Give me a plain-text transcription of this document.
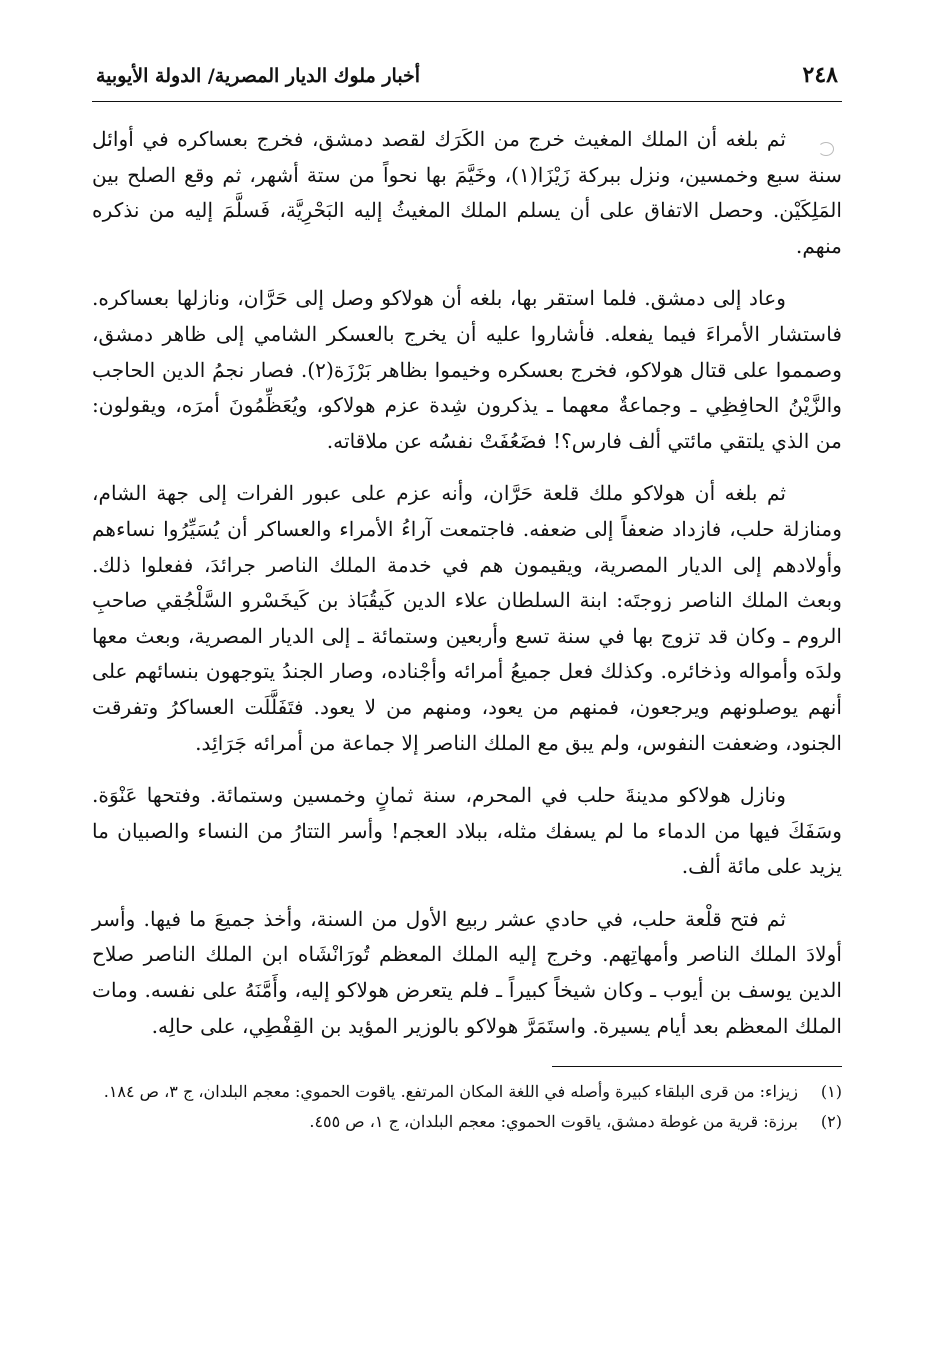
٢٤٨
أخبار ملوك الديار المصرية/ الدولة الأيوبية

ثم بلغه أن الملك المغيث خرج من الكَرَك لقصد دمشق، فخرج بعساكره في أوائل سنة سبع وخمسين، ونزل ببركة زَيْزَا(١)، وخَيَّمَ بها نحواً من ستة أشهر، ثم وقع الصلح بين المَلِكَيْن. وحصل الاتفاق على أن يسلم الملك المغيثُ إليه البَحْرِيَّة، فَسلَّمَ إليه من نذكره منهم.

وعاد إلى دمشق. فلما استقر بها، بلغه أن هولاكو وصل إلى حَرَّان، ونازلها بعساكره. فاستشار الأمراءَ فيما يفعله. فأشاروا عليه أن يخرج بالعسكر الشامي إلى ظاهر دمشق، وصمموا على قتال هولاكو، فخرج بعسكره وخيموا بظاهر بَرْزَة(٢). فصار نجمُ الدين الحاجب والزَّيْنُ الحافِظِي ـ وجماعةٌ معهما ـ يذكرون شِدة عزم هولاكو، ويُعَظِّمُونَ أمرَه، ويقولون: من الذي يلتقي مائتي ألف فارس؟! فضَعُفَتْ نفسُه عن ملاقاته.

ثم بلغه أن هولاكو ملك قلعة حَرَّان، وأنه عزم على عبور الفرات إلى جهة الشام، ومنازلة حلب، فازداد ضعفاً إلى ضعفه. فاجتمعت آراءُ الأمراء والعساكر أن يُسَيِّرُوا نساءهم وأولادهم إلى الديار المصرية، ويقيمون هم في خدمة الملك الناصر جرائدَ، ففعلوا ذلك. وبعث الملك الناصر زوجتَه: ابنة السلطان علاء الدين كَيقُبَاذ بن كَيخَسْرو السَّلْجُقي صاحبِ الروم ـ وكان قد تزوج بها في سنة تسع وأربعين وستمائة ـ إلى الديار المصرية، وبعث معها ولدَه وأمواله وذخائره. وكذلك فعل جميعُ أمرائه وأجْناده، وصار الجندُ يتوجهون بنسائهم على أنهم يوصلونهم ويرجعون، فمنهم من يعود، ومنهم من لا يعود. فتَفَلَّلَت العساكرُ وتفرقت الجنود، وضعفت النفوس، ولم يبق مع الملك الناصر إلا جماعة من أمرائه جَرَائِد.

ونازل هولاكو مدينةَ حلب في المحرم، سنة ثمانٍ وخمسين وستمائة. وفتحها عَنْوَة. وسَفَكَ فيها من الدماء ما لم يسفك مثله، ببلاد العجم! وأسر التتارُ من النساء والصبيان ما يزيد على مائة ألف.

ثم فتح قلْعة حلب، في حادي عشر ربيع الأول من السنة، وأخذ جميعَ ما فيها. وأسر أولادَ الملك الناصر وأمهاتِهم. وخرج إليه الملك المعظم تُورَانْشَاه ابن الملك الناصر صلاح الدين يوسف بن أيوب ـ وكان شيخاً كبيراً ـ فلم يتعرض هولاكو إليه، وأَمَّنَهُ على نفسه. ومات الملك المعظم بعد أيام يسيرة. واستَمَرَّ هولاكو بالوزير المؤيد بن القِفْطِي، على حالِه.

(١)
زيزاء: من قرى البلقاء كبيرة وأصله في اللغة المكان المرتفع. ياقوت الحموي: معجم البلدان، ج ٣، ص ١٨٤.
(٢)
برزة: قرية من غوطة دمشق، ياقوت الحموي: معجم البلدان، ج ١، ص ٤٥٥.
